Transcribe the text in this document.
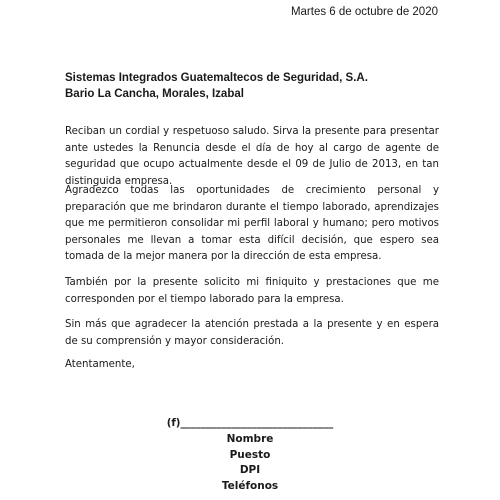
Martes 6 de octubre de 2020
Sistemas Integrados Guatemaltecos de Seguridad, S.A.
Bario La Cancha, Morales, Izabal

Reciban un cordial y respetuoso saludo. Sirva la presente para presentar ante ustedes la Renuncia desde el día de hoy al cargo de agente de seguridad que ocupo actualmente desde el 09 de Julio de 2013, en tan distinguida empresa.

Agradezco todas las oportunidades de crecimiento personal y preparación que me brindaron durante el tiempo laborado, aprendizajes que me permitieron consolidar mi perfil laboral y humano; pero motivos personales me llevan a tomar esta difícil decisión, que espero sea tomada de la mejor manera por la dirección de esta empresa.

También por la presente solicito mi finiquito y prestaciones que me corresponden por el tiempo laborado para la empresa.

Sin más que agradecer la atención prestada a la presente y en espera de su comprensión y mayor consideración.

Atentamente,
(f)______________________________
Nombre
Puesto
DPI
Teléfonos
